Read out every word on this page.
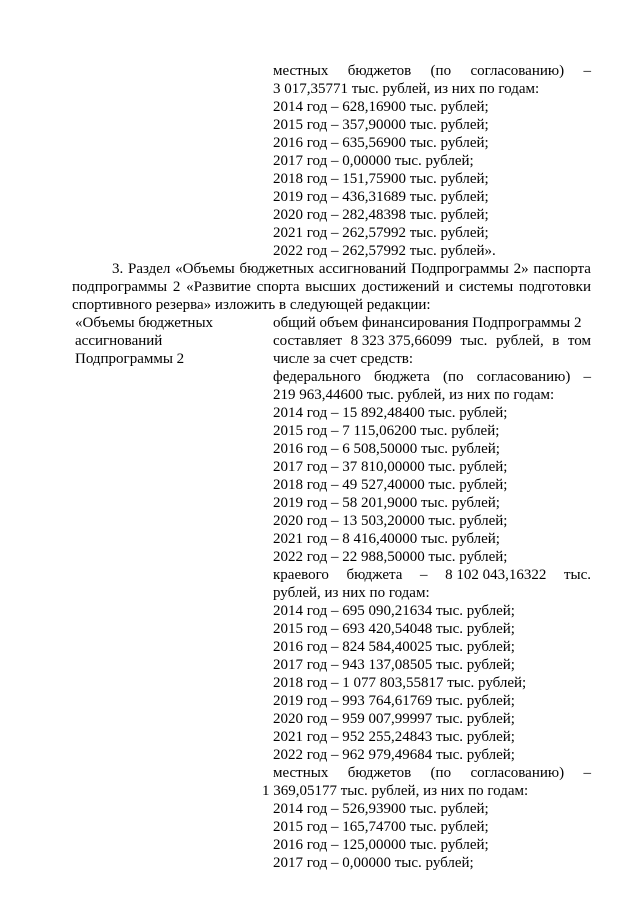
местных бюджетов (по согласованию) –
3 017,35771 тыс. рублей, из них по годам:
2014 год – 628,16900 тыс. рублей;
2015 год – 357,90000 тыс. рублей;
2016 год – 635,56900 тыс. рублей;
2017 год – 0,00000 тыс. рублей;
2018 год – 151,75900 тыс. рублей;
2019 год – 436,31689 тыс. рублей;
2020 год – 282,48398 тыс. рублей;
2021 год – 262,57992 тыс. рублей;
2022 год – 262,57992 тыс. рублей».
3. Раздел «Объемы бюджетных ассигнований Подпрограммы 2» паспорта
подпрограммы 2 «Развитие спорта высших достижений и системы подготовки
спортивного резерва» изложить в следующей редакции:
«Объемы бюджетных
ассигнований
Подпрограммы 2
общий объем финансирования Подпрограммы 2
составляет 8 323 375,66099 тыс. рублей, в том
числе за счет средств:
федерального бюджета (по согласованию) –
219 963,44600 тыс. рублей, из них по годам:
2014 год – 15 892,48400 тыс. рублей;
2015 год – 7 115,06200 тыс. рублей;
2016 год – 6 508,50000 тыс. рублей;
2017 год – 37 810,00000 тыс. рублей;
2018 год – 49 527,40000 тыс. рублей;
2019 год – 58 201,9000 тыс. рублей;
2020 год – 13 503,20000 тыс. рублей;
2021 год – 8 416,40000 тыс. рублей;
2022 год – 22 988,50000 тыс. рублей;
краевого бюджета – 8 102 043,16322 тыс.
рублей, из них по годам:
2014 год – 695 090,21634 тыс. рублей;
2015 год – 693 420,54048 тыс. рублей;
2016 год – 824 584,40025 тыс. рублей;
2017 год – 943 137,08505 тыс. рублей;
2018 год – 1 077 803,55817 тыс. рублей;
2019 год – 993 764,61769 тыс. рублей;
2020 год – 959 007,99997 тыс. рублей;
2021 год – 952 255,24843 тыс. рублей;
2022 год – 962 979,49684 тыс. рублей;
местных бюджетов (по согласованию) –
1 369,05177 тыс. рублей, из них по годам:
2014 год – 526,93900 тыс. рублей;
2015 год – 165,74700 тыс. рублей;
2016 год – 125,00000 тыс. рублей;
2017 год – 0,00000 тыс. рублей;
